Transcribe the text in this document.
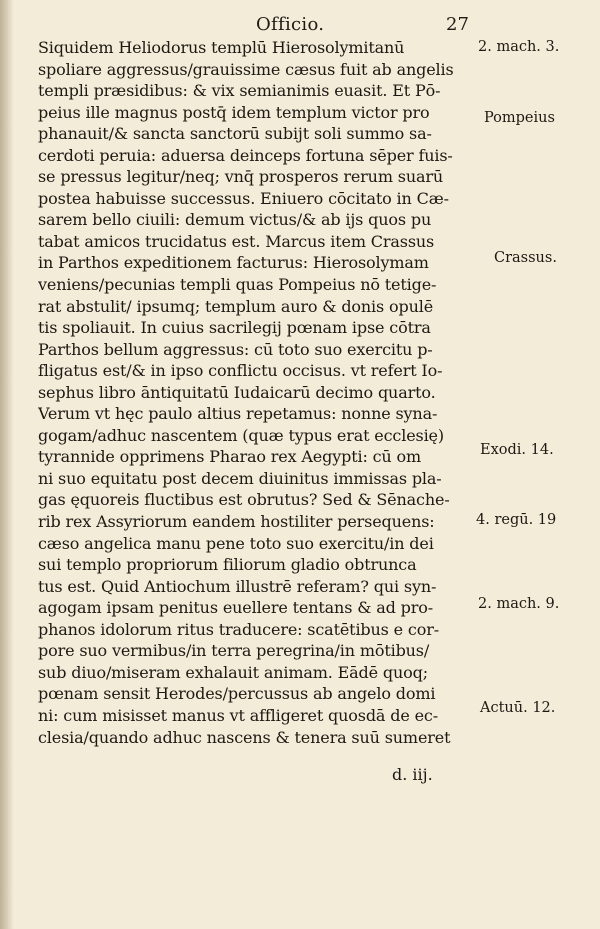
Officio.	27
Siquidem Heliodorus templū Hierosolymitanū
spoliare aggressus/grauissime cæsus fuit ab angelis
templi præsidibus: & vix semianimis euasit. Et Pō-
peius ille magnus postq̄ idem templum victor pro
phanauit/& sancta sanctorū subijt soli summo sa-
cerdoti peruia: aduersa deinceps fortuna sēper fuis-
se pressus legitur/neq; vnq̄ prosperos rerum suarū
postea habuisse successus. Eniuero cōcitato in Cæ-
sarem bello ciuili: demum victus/& ab ijs quos pu
tabat amicos trucidatus est. Marcus item Crassus
in Parthos expeditionem facturus: Hierosolymam
veniens/pecunias templi quas Pompeius nō tetige-
rat abstulit/ ipsumq; templum auro & donis opulē
tis spoliauit. In cuius sacrilegij pœnam ipse cōtra
Parthos bellum aggressus: cū toto suo exercitu p-
fligatus est/& in ipso conflictu occisus. vt refert Io-
sephus libro āntiquitatū Iudaicarū decimo quarto.
Verum vt hęc paulo altius repetamus: nonne syna-
gogam/adhuc nascentem (quæ typus erat ecclesię)
tyrannide opprimens Pharao rex Aegypti: cū om
ni suo equitatu post decem diuinitus immissas pla-
gas ęquoreis fluctibus est obrutus? Sed & Sēnache-
rib rex Assyriorum eandem hostiliter persequens:
cæso angelica manu pene toto suo exercitu/in dei
sui templo propriorum filiorum gladio obtrunca
tus est. Quid Antiochum illustrē referam? qui syn-
agogam ipsam penitus euellere tentans & ad pro-
phanos idolorum ritus traducere: scatētibus e cor-
pore suo vermibus/in terra peregrina/in mōtibus/
sub diuo/miseram exhalauit animam. Eādē quoq;
pœnam sensit Herodes/percussus ab angelo domi
ni: cum misisset manus vt affligeret quosdā de ec-
clesia/quando adhuc nascens & tenera suū sumeret
2. mach. 3.
Pompeius
Crassus.
Exodi. 14.
4. regū. 19
2. mach. 9.
Actuū. 12.
d. iij.
